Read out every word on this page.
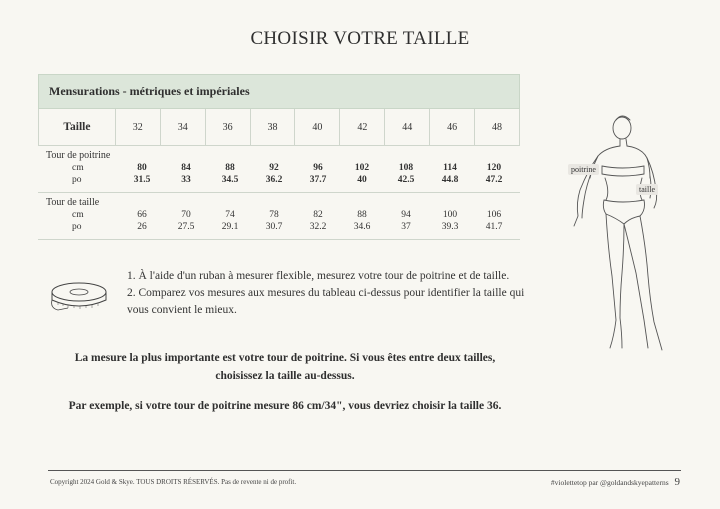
CHOISIR VOTRE TAILLE
Mensurations - métriques et impériales
Taille	32	34	36	38	40	42	44	46	48
Tour de poitrine
cm	80	84	88	92	96	102	108	114	120
po	31.5	33	34.5	36.2	37.7	40	42.5	44.8	47.2
Tour de taille
cm	66	70	74	78	82	88	94	100	106
po	26	27.5	29.1	30.7	32.2	34.6	37	39.3	41.7
1. À l'aide d'un ruban à mesurer flexible, mesurez votre tour de poitrine et de taille.
2. Comparez vos mesures aux mesures du tableau ci-dessus pour identifier la taille qui vous convient le mieux.
La mesure la plus importante est votre tour de poitrine. Si vous êtes entre deux tailles, choisissez la taille au-dessus.
Par exemple, si votre tour de poitrine mesure 86 cm/34", vous devriez choisir la taille 36.
poitrine
taille
Copyright 2024 Gold & Skye. TOUS DROITS RÉSERVÉS. Pas de revente ni de profit.	#violettetop par @goldandskyepatterns 9
